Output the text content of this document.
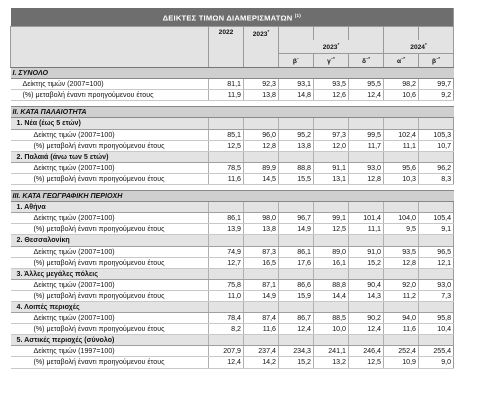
ΔΕΙΚΤΕΣ ΤΙΜΩΝ ΔΙΑΜΕΡΙΣΜΑΤΩΝ $^{(1)}$
	2022	2023*					
			2023*			2024*
			β΄	γ΄*	δ΄*	α΄*	β΄*
I. ΣΥΝΟΛΟ							
Δείκτης τιμών (2007=100)	81,1	92,3	93,1	93,5	95,5	98,2	99,7
(%) μεταβολή έναντι προηγούμενου έτους	11,9	13,8	14,8	12,6	12,4	10,6	9,2

II. ΚΑΤΑ ΠΑΛΑΙΟΤΗΤΑ							
1. Νέα (έως 5 ετών)							
Δείκτης τιμών (2007=100)	85,1	96,0	95,2	97,3	99,5	102,4	105,3
(%) μεταβολή έναντι προηγούμενου έτους	12,5	12,8	13,8	12,0	11,7	11,1	10,7
2. Παλαιά (άνω των 5 ετών)							
Δείκτης τιμών (2007=100)	78,5	89,9	88,8	91,1	93,0	95,6	96,2
(%) μεταβολή έναντι προηγούμενου έτους	11,6	14,5	15,5	13,1	12,8	10,3	8,3

III. ΚΑΤΑ ΓΕΩΓΡΑΦΙΚΗ ΠΕΡΙΟΧΗ							
1. Αθήνα							
Δείκτης τιμών (2007=100)	86,1	98,0	96,7	99,1	101,4	104,0	105,4
(%) μεταβολή έναντι προηγούμενου έτους	13,9	13,8	14,9	12,5	11,1	9,5	9,1
2. Θεσσαλονίκη							
Δείκτης τιμών (2007=100)	74,9	87,3	86,1	89,0	91,0	93,5	96,5
(%) μεταβολή έναντι προηγούμενου έτους	12,7	16,5	17,6	16,1	15,2	12,8	12,1
3. Άλλες μεγάλες πόλεις							
Δείκτης τιμών (2007=100)	75,8	87,1	86,6	88,8	90,4	92,0	93,0
(%) μεταβολή έναντι προηγούμενου έτους	11,0	14,9	15,9	14,4	14,3	11,2	7,3
4. Λοιπές περιοχές							
Δείκτης τιμών (2007=100)	78,4	87,4	86,7	88,5	90,2	94,0	95,8
(%) μεταβολή έναντι προηγούμενου έτους	8,2	11,6	12,4	10,0	12,4	11,6	10,4
5. Αστικές περιοχές (σύνολο)							
Δείκτης τιμών (1997=100)	207,9	237,4	234,3	241,1	246,4	252,4	255,4
(%) μεταβολή έναντι προηγούμενου έτους	12,4	14,2	15,2	13,2	12,5	10,9	9,0
